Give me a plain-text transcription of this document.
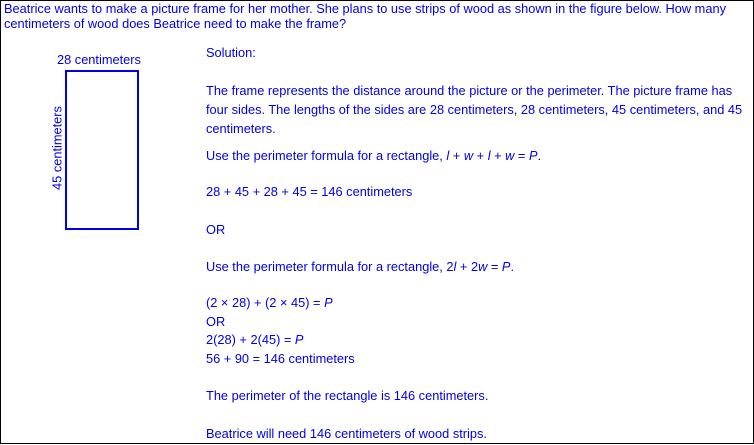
Beatrice wants to make a picture frame for her mother. She plans to use strips of wood as shown in the figure below. How many centimeters of wood does Beatrice need to make the frame?
28 centimeters
45 centimeters
Solution:
The frame represents the distance around the picture or the perimeter. The picture frame has four sides. The lengths of the sides are 28 centimeters, 28 centimeters, 45 centimeters, and 45 centimeters.
Use the perimeter formula for a rectangle, l + w + l + w = P.
28 + 45 + 28 + 45 = 146 centimeters
OR
Use the perimeter formula for a rectangle, 2l + 2w = P.
(2 × 28) + (2 × 45) = P
OR
2(28) + 2(45) = P
56 + 90 = 146 centimeters
The perimeter of the rectangle is 146 centimeters.
Beatrice will need 146 centimeters of wood strips.
